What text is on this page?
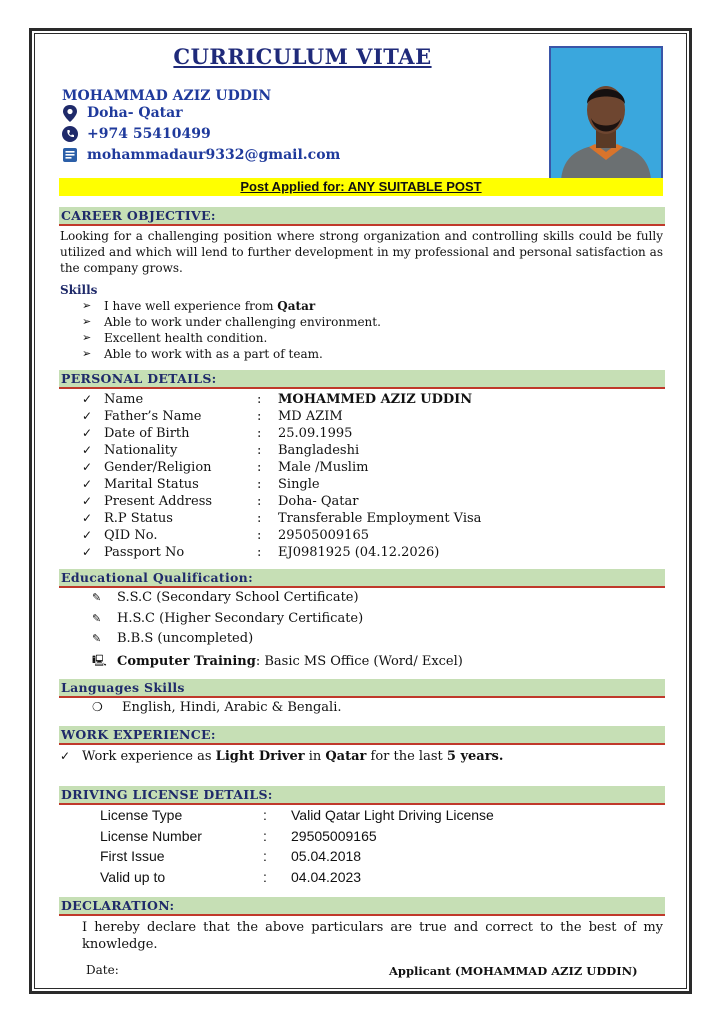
CURRICULUM VITAE
MOHAMMAD AZIZ UDDIN
Doha- Qatar
+974 55410499
mohammadaur9332@gmail.com
Post Applied for: ANY SUITABLE POST
CAREER OBJECTIVE:
Looking for a challenging position where strong organization and controlling skills could be fully utilized and which will lend to further development in my professional and personal satisfaction as the company grows.
Skills
➢	I have well experience from Qatar
➢	Able to work under challenging environment.
➢	Excellent health condition.
➢	Able to work with as a part of team.
PERSONAL DETAILS:
✓	Name	:	MOHAMMED AZIZ UDDIN
✓	Father’s Name	:	MD AZIM
✓	Date of Birth	:	25.09.1995
✓	Nationality	:	Bangladeshi
✓	Gender/Religion	:	Male /Muslim
✓	Marital Status	:	Single
✓	Present Address	:	Doha- Qatar
✓	R.P Status	:	Transferable Employment Visa
✓	QID No.	:	29505009165
✓	Passport No	:	EJ0981925 (04.12.2026)
Educational Qualification:
✎	S.S.C (Secondary School Certificate)
✎	H.S.C (Higher Secondary Certificate)
✎	B.B.S (uncompleted)
🖳 Computer Training: Basic MS Office (Word/ Excel)
Languages Skills
❍	English, Hindi, Arabic & Bengali.
WORK EXPERIENCE:
✓ Work experience as Light Driver in Qatar for the last 5 years.
DRIVING LICENSE DETAILS:
License Type	:	Valid Qatar Light Driving License
License Number	:	29505009165
First Issue	:	05.04.2018
Valid up to	:	04.04.2023
DECLARATION:
I hereby declare that the above particulars are true and correct to the best of my knowledge.
Date:	Applicant (MOHAMMAD AZIZ UDDIN)
